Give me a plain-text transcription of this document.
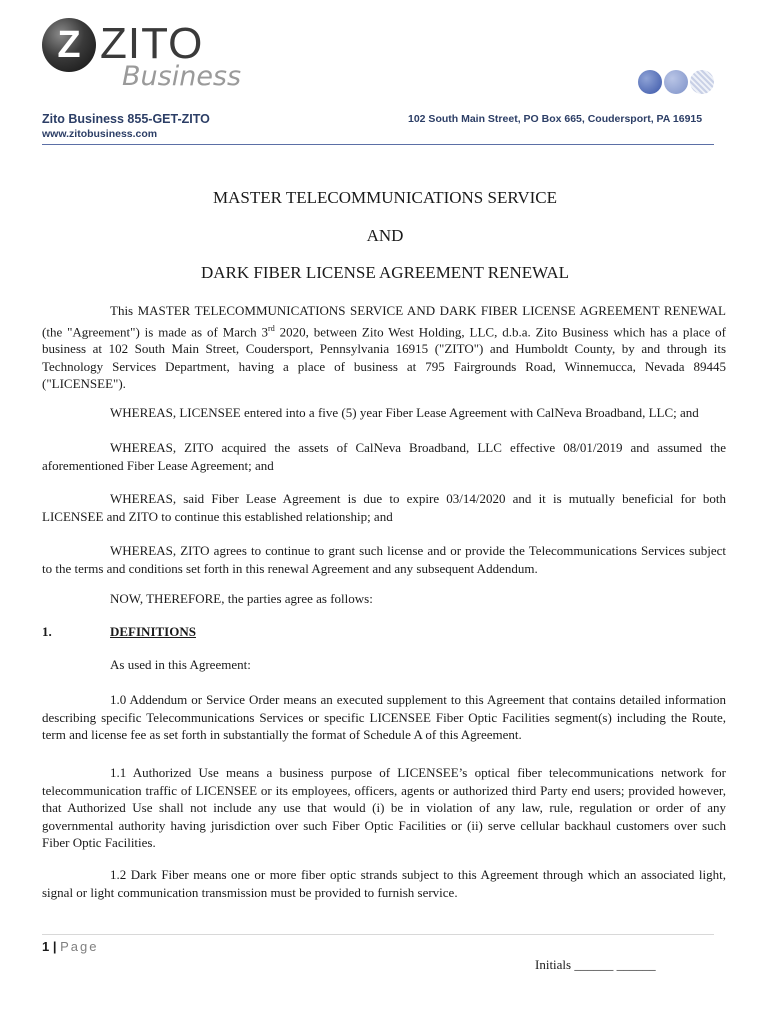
Z ZITO
Business
Zito Business 855-GET-ZITO
www.zitobusiness.com
102 South Main Street, PO Box 665, Coudersport, PA 16915
MASTER TELECOMMUNICATIONS SERVICE
AND
DARK FIBER LICENSE AGREEMENT RENEWAL
This MASTER TELECOMMUNICATIONS SERVICE AND DARK FIBER LICENSE AGREEMENT RENEWAL (the "Agreement") is made as of March 3rd 2020, between Zito West Holding, LLC, d.b.a. Zito Business which has a place of business at 102 South Main Street, Coudersport, Pennsylvania 16915 ("ZITO") and Humboldt County, by and through its Technology Services Department, having a place of business at 795 Fairgrounds Road, Winnemucca, Nevada 89445 ("LICENSEE").
WHEREAS, LICENSEE entered into a five (5) year Fiber Lease Agreement with CalNeva Broadband, LLC; and
WHEREAS, ZITO acquired the assets of CalNeva Broadband, LLC effective 08/01/2019 and assumed the aforementioned Fiber Lease Agreement; and
WHEREAS, said Fiber Lease Agreement is due to expire 03/14/2020 and it is mutually beneficial for both LICENSEE and ZITO to continue this established relationship; and
WHEREAS, ZITO agrees to continue to grant such license and or provide the Telecommunications Services subject to the terms and conditions set forth in this renewal Agreement and any subsequent Addendum.
NOW, THEREFORE, the parties agree as follows:
1.	DEFINITIONS
As used in this Agreement:
1.0 Addendum or Service Order means an executed supplement to this Agreement that contains detailed information describing specific Telecommunications Services or specific LICENSEE Fiber Optic Facilities segment(s) including the Route, term and license fee as set forth in substantially the format of Schedule A of this Agreement.
1.1 Authorized Use means a business purpose of LICENSEE’s optical fiber telecommunications network for telecommunication traffic of LICENSEE or its employees, officers, agents or authorized third Party end users; provided however, that Authorized Use shall not include any use that would (i) be in violation of any law, rule, regulation or order of any governmental authority having jurisdiction over such Fiber Optic Facilities or (ii) serve cellular backhaul customers over such Fiber Optic Facilities.
1.2 Dark Fiber means one or more fiber optic strands subject to this Agreement through which an associated light, signal or light communication transmission must be provided to furnish service.
1 | Page
Initials ______ ______
